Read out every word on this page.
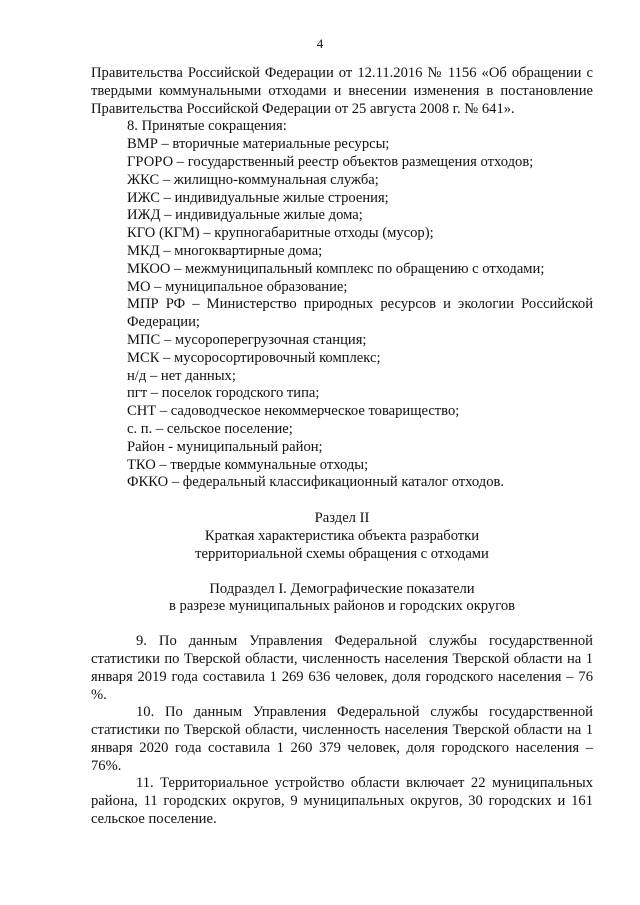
4

Правительства Российской Федерации от 12.11.2016 № 1156 «Об обращении с твердыми коммунальными отходами и внесении изменения в постановление Правительства Российской Федерации от 25 августа 2008 г. № 641».

8. Принятые сокращения:
ВМР – вторичные материальные ресурсы;
ГРОРО – государственный реестр объектов размещения отходов;
ЖКС – жилищно-коммунальная служба;
ИЖС – индивидуальные жилые строения;
ИЖД – индивидуальные жилые дома;
КГО (КГМ) – крупногабаритные отходы (мусор);
МКД – многоквартирные дома;
МКОО – межмуниципальный комплекс по обращению с отходами;
МО – муниципальное образование;
МПР РФ – Министерство природных ресурсов и экологии Российской Федерации;
МПС – мусороперегрузочная станция;
МСК – мусоросортировочный комплекс;
н/д – нет данных;
пгт – поселок городского типа;
СНТ – садоводческое некоммерческое товарищество;
с. п. – сельское поселение;
Район - муниципальный район;
ТКО – твердые коммунальные отходы;
ФККО – федеральный классификационный каталог отходов.
Раздел II
Краткая характеристика объекта разработки
территориальной схемы обращения с отходами
Подраздел I. Демографические показатели
в разрезе муниципальных районов и городских округов

9. По данным Управления Федеральной службы государственной статистики по Тверской области, численность населения Тверской области на 1 января 2019 года составила 1 269 636 человек, доля городского населения – 76 %.

10. По данным Управления Федеральной службы государственной статистики по Тверской области, численность населения Тверской области на 1 января 2020 года составила 1 260 379 человек, доля городского населения – 76%.

11. Территориальное устройство области включает 22 муниципальных района, 11 городских округов, 9 муниципальных округов, 30 городских и 161 сельское поселение.
